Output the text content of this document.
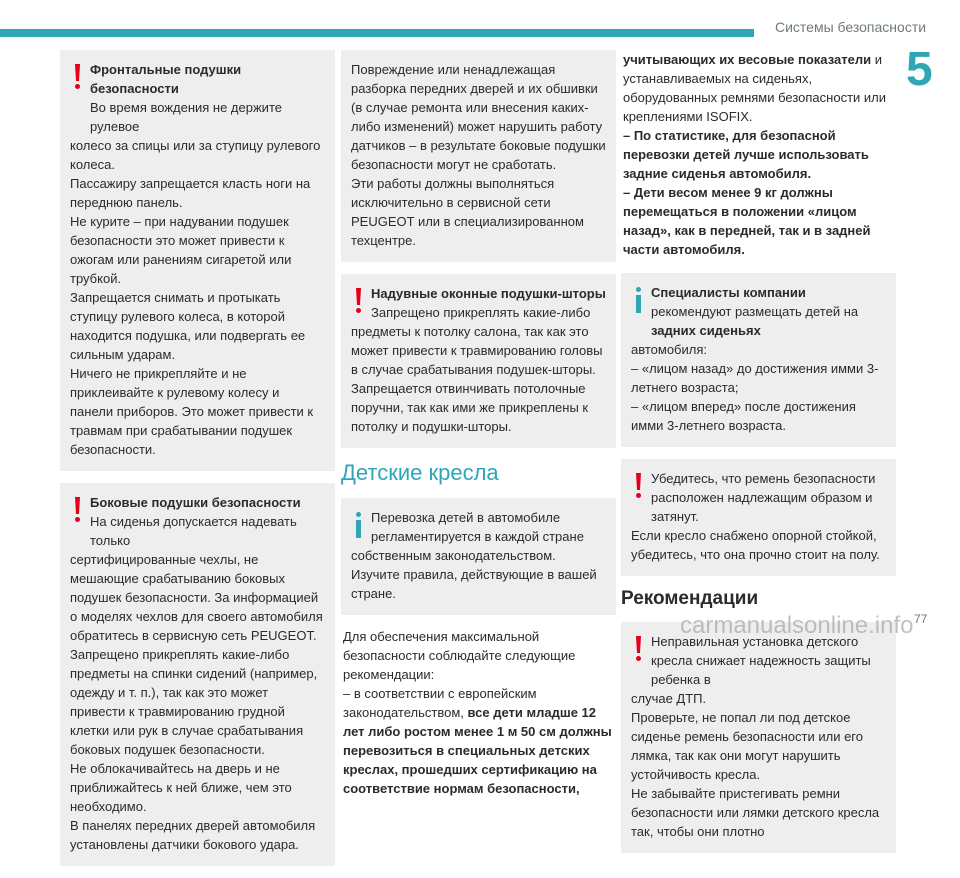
Системы безопасности
5
Фронтальные подушки безопасности
Во время вождения не держите рулевое

колесо за спицы или за ступицу рулевого колеса.
Пассажиру запрещается класть ноги на переднюю панель.
Не курите – при надувании подушек безопасности это может привести к ожогам или ранениям сигаретой или трубкой.
Запрещается снимать и протыкать ступицу рулевого колеса, в которой находится подушка, или подвергать ее сильным ударам.
Ничего не прикрепляйте и не приклеивайте к рулевому колесу и панели приборов. Это может привести к травмам при срабатывании подушек безопасности.

Боковые подушки безопасности
На сиденья допускается надевать только

сертифицированные чехлы, не мешающие срабатыванию боковых подушек безопасности. За информацией о моделях чехлов для своего автомобиля обратитесь в сервисную сеть PEUGEOT.
Запрещено прикреплять какие-либо предметы на спинки сидений (например, одежду и т. п.), так как это может привести к травмированию грудной клетки или рук в случае срабатывания боковых подушек безопасности.
Не облокачивайтесь на дверь и не приближайтесь к ней ближе, чем это необходимо.
В панелях передних дверей автомобиля установлены датчики бокового удара.

Повреждение или ненадлежащая разборка передних дверей и их обшивки (в случае ремонта или внесения каких-либо изменений) может нарушить работу датчиков – в результате боковые подушки безопасности могут не сработать.
Эти работы должны выполняться исключительно в сервисной сети PEUGEOT или в специализированном техцентре.

Надувные оконные подушки-шторы
Запрещено прикреплять какие-либо

предметы к потолку салона, так как это может привести к травмированию головы в случае срабатывания подушек-шторы.
Запрещается отвинчивать потолочные поручни, так как ими же прикреплены к потолку и подушки-шторы.

Детские кресла
Перевозка детей в автомобиле регламентируется в каждой стране

собственным законодательством. Изучите правила, действующие в вашей стране.

Для обеспечения максимальной безопасности соблюдайте следующие рекомендации:

– в соответствии с европейским законодательством, все дети младше 12 лет либо ростом менее 1 м 50 см должны перевозиться в специальных детских креслах, прошедших сертификацию на соответствие нормам безопасности,

учитывающих их весовые показатели и устанавливаемых на сиденьях, оборудованных ремнями безопасности или креплениями ISOFIX.

– По статистике, для безопасной перевозки детей лучше использовать задние сиденья автомобиля.

– Дети весом менее 9 кг должны перемещаться в положении «лицом назад», как в передней, так и в задней части автомобиля.

Специалисты компании рекомендуют размещать детей на задних сиденьях

автомобиля:
– «лицом назад» до достижения имми 3-летнего возраста;
– «лицом вперед» после достижения имми 3-летнего возраста.

Убедитесь, что ремень безопасности расположен надлежащим образом и затянут.

Если кресло снабжено опорной стойкой, убедитесь, что она прочно стоит на полу.

Рекомендации
Неправильная установка детского кресла снижает надежность защиты ребенка в

случае ДТП.
Проверьте, не попал ли под детское сиденье ремень безопасности или его лямка, так как они могут нарушить устойчивость кресла.
Не забывайте пристегивать ремни безопасности или лямки детского кресла так, чтобы они плотно

carmanualsonline.info 77
